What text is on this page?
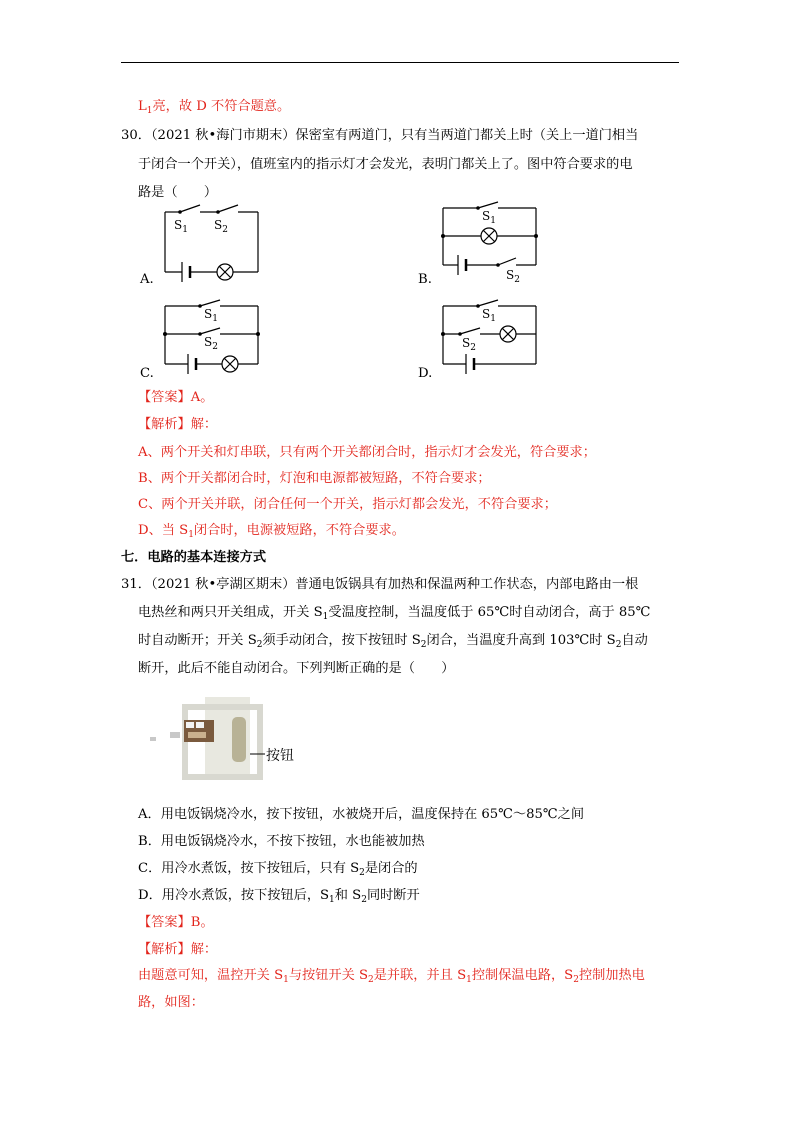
$L_1$亮，故 D 不符合题意。
30．（2021 秋•海门市期末）保密室有两道门，只有当两道门都关上时（关上一道门相当
于闭合一个开关），值班室内的指示灯才会发光，表明门都关上了。图中符合要求的电
路是（　　）
A.
$S_1$ $S_2$
B.
$S_1$
$S_2$
C.
$S_1$
$S_2$
D.
$S_1$
$S_2$
【答案】A。
【解析】解：
A、两个开关和灯串联，只有两个开关都闭合时，指示灯才会发光，符合要求；
B、两个开关都闭合时，灯泡和电源都被短路，不符合要求；
C、两个开关并联，闭合任何一个开关，指示灯都会发光，不符合要求；
D、当 $S_1$闭合时，电源被短路，不符合要求。
七．电路的基本连接方式
31．（2021 秋•亭湖区期末）普通电饭锅具有加热和保温两种工作状态，内部电路由一根
电热丝和两只开关组成，开关 $S_1$受温度控制，当温度低于 65℃时自动闭合，高于 85℃
时自动断开；开关 $S_2$须手动闭合，按下按钮时 $S_2$闭合，当温度升高到 103℃时 $S_2$自动
断开，此后不能自动闭合。下列判断正确的是（　　）
按钮
A．用电饭锅烧冷水，按下按钮，水被烧开后，温度保持在 65℃～85℃之间
B．用电饭锅烧冷水，不按下按钮，水也能被加热
C．用冷水煮饭，按下按钮后，只有 $S_2$是闭合的
D．用冷水煮饭，按下按钮后，$S_1$和 $S_2$同时断开
【答案】B。
【解析】解：
由题意可知，温控开关 $S_1$与按钮开关 $S_2$是并联，并且 $S_1$控制保温电路，$S_2$控制加热电
路，如图：
